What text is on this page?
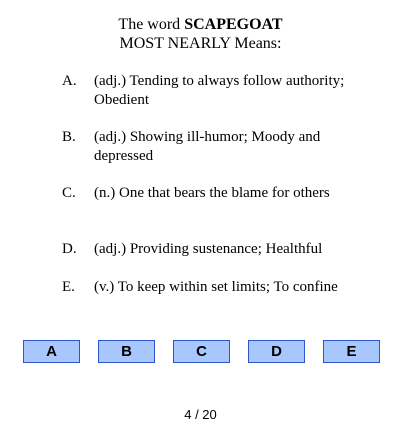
The word SCAPEGOAT
MOST NEARLY Means:
A.	(adj.) Tending to always follow authority; Obedient
B.	(adj.) Showing ill-humor; Moody and depressed
C.	(n.) One that bears the blame for others
D.	(adj.) Providing sustenance; Healthful
E.	(v.) To keep within set limits; To confine
A	B	C	D	E
4 / 20
